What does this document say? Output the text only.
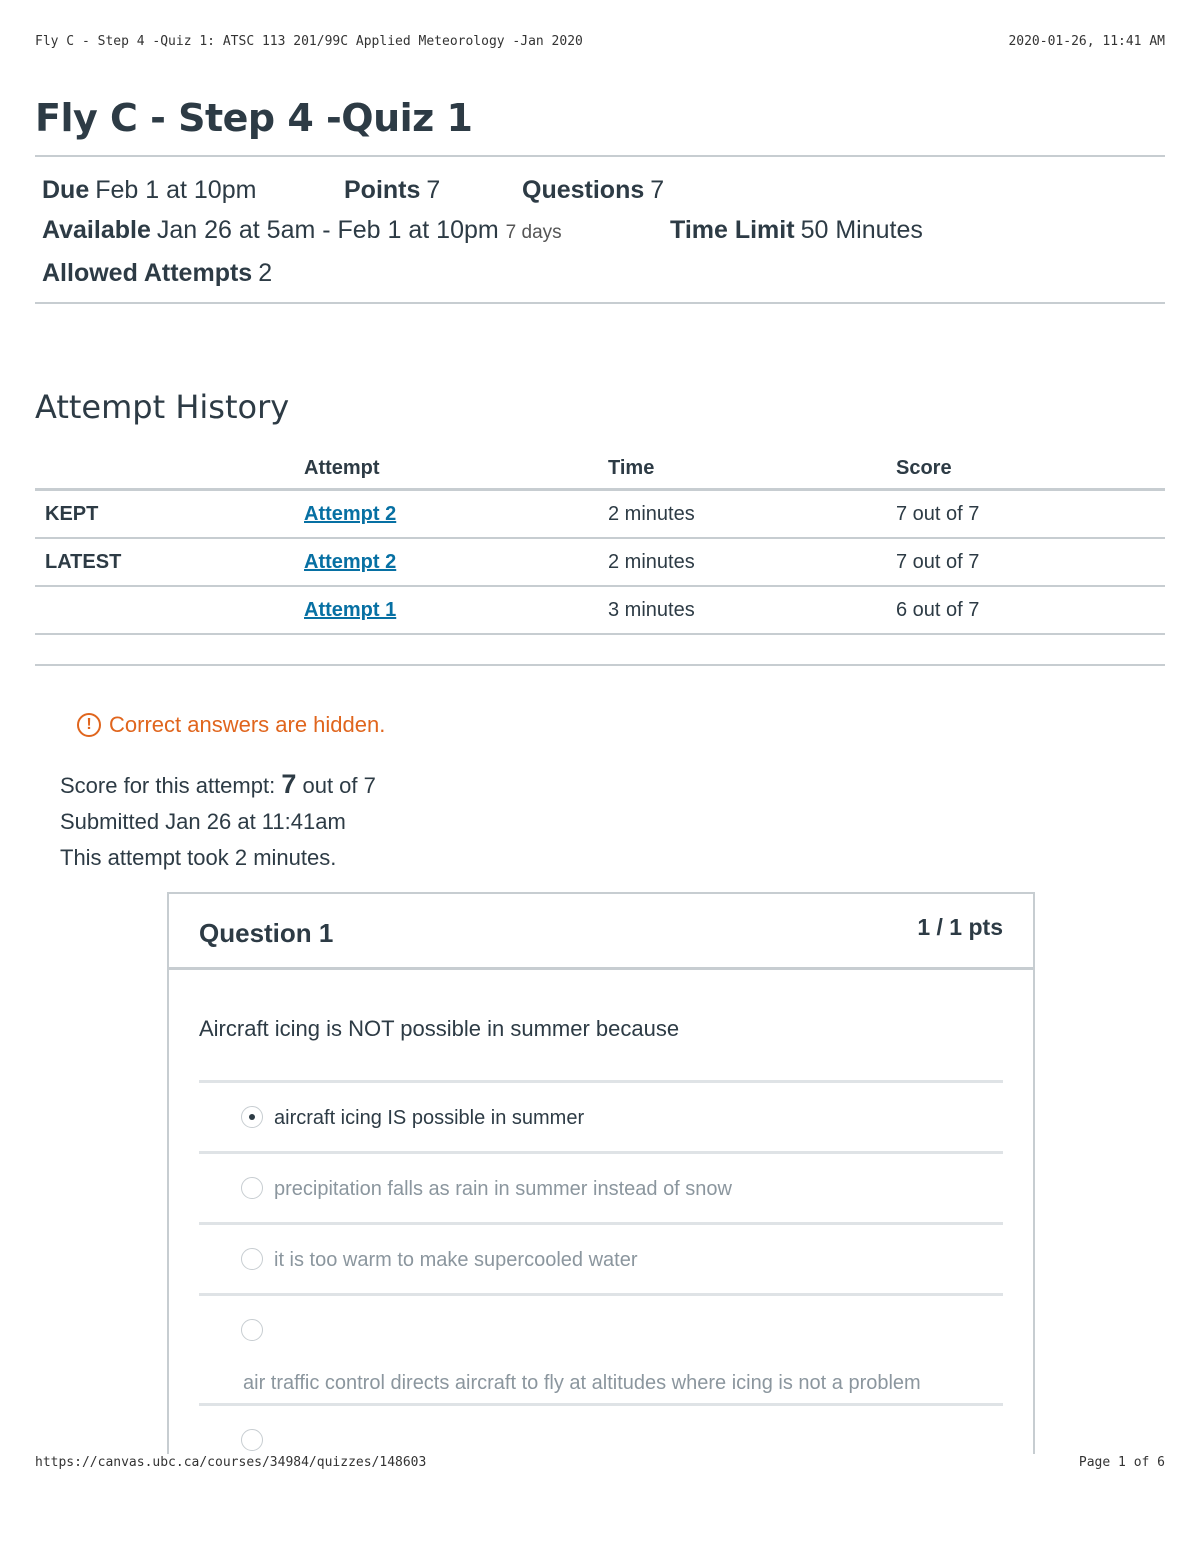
Fly C - Step 4 -Quiz 1: ATSC 113 201/99C Applied Meteorology -Jan 2020	2020-01-26, 11:41 AM
Fly C - Step 4 -Quiz 1
Due Feb 1 at 10pm	Points 7	Questions 7
Available Jan 26 at 5am - Feb 1 at 10pm 7 days	Time Limit 50 Minutes
Allowed Attempts 2
Attempt History
	Attempt	Time	Score
KEPT	Attempt 2	2 minutes	7 out of 7
LATEST	Attempt 2	2 minutes	7 out of 7
	Attempt 1	3 minutes	6 out of 7
! Correct answers are hidden.
Score for this attempt: 7 out of 7
Submitted Jan 26 at 11:41am
This attempt took 2 minutes.
Question 1	1 / 1 pts
Aircraft icing is NOT possible in summer because
aircraft icing IS possible in summer
precipitation falls as rain in summer instead of snow
it is too warm to make supercooled water
air traffic control directs aircraft to fly at altitudes where icing is not a problem
https://canvas.ubc.ca/courses/34984/quizzes/148603	Page 1 of 6
